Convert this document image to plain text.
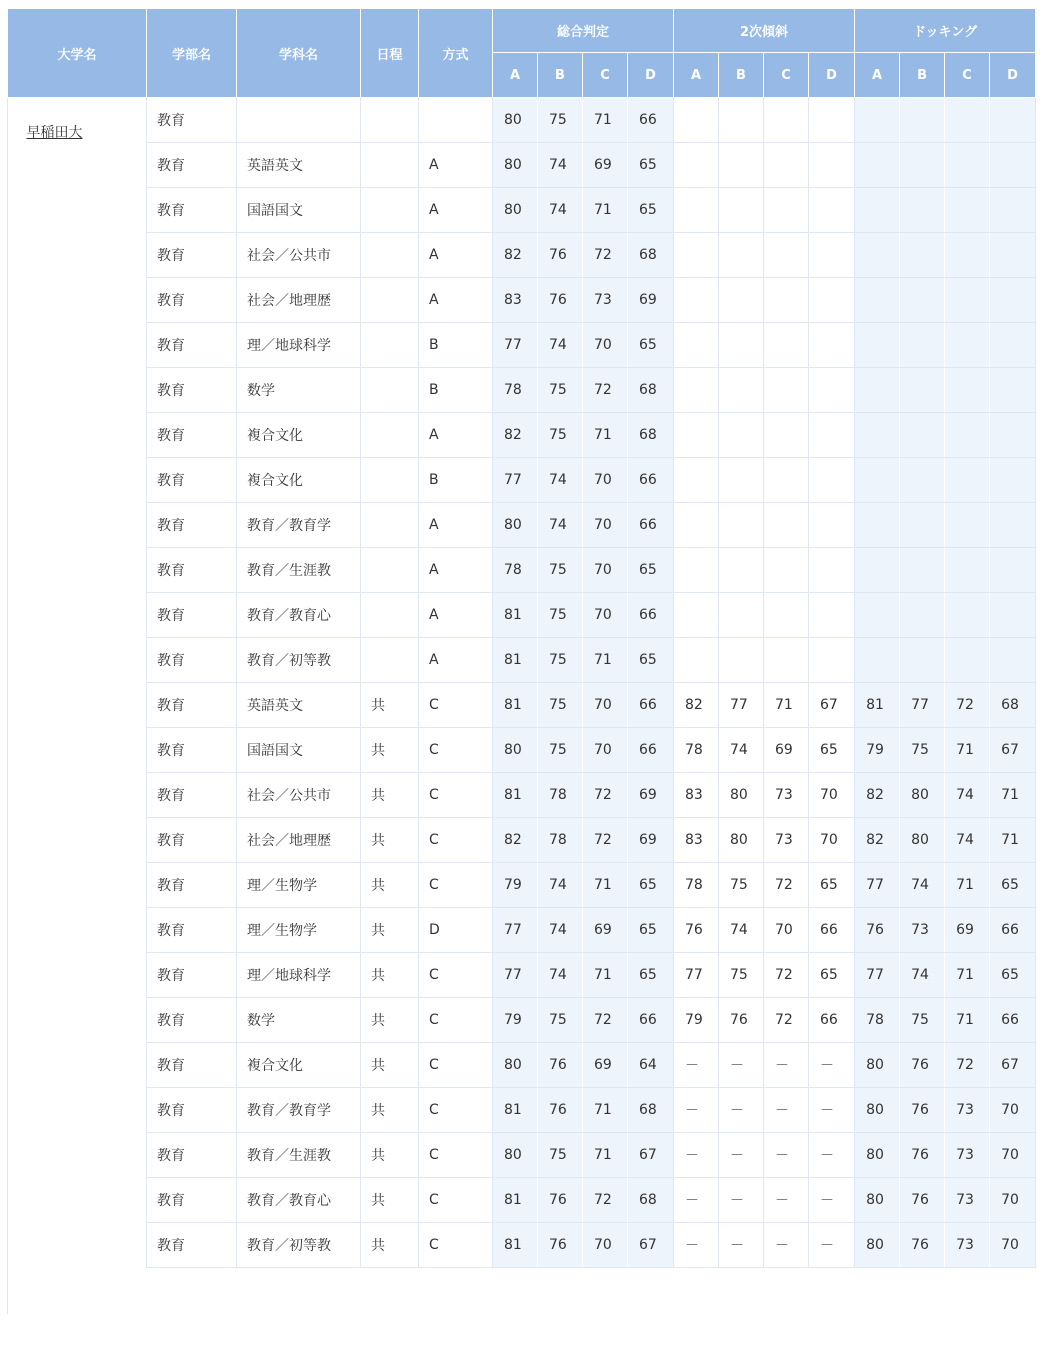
大学名	学部名	学科名	日程	方式	総合判定				2次傾斜				ドッキング			
					A	B	C	D	A	B	C	D	A	B	C	D
早稲田大	教育				80	75	71	66								
	教育	英語英文		A	80	74	69	65								
	教育	国語国文		A	80	74	71	65								
	教育	社会／公共市		A	82	76	72	68								
	教育	社会／地理歴		A	83	76	73	69								
	教育	理／地球科学		B	77	74	70	65								
	教育	数学		B	78	75	72	68								
	教育	複合文化		A	82	75	71	68								
	教育	複合文化		B	77	74	70	66								
	教育	教育／教育学		A	80	74	70	66								
	教育	教育／生涯教		A	78	75	70	65								
	教育	教育／教育心		A	81	75	70	66								
	教育	教育／初等教		A	81	75	71	65								
	教育	英語英文	共	C	81	75	70	66	82	77	71	67	81	77	72	68
	教育	国語国文	共	C	80	75	70	66	78	74	69	65	79	75	71	67
	教育	社会／公共市	共	C	81	78	72	69	83	80	73	70	82	80	74	71
	教育	社会／地理歴	共	C	82	78	72	69	83	80	73	70	82	80	74	71
	教育	理／生物学	共	C	79	74	71	65	78	75	72	65	77	74	71	65
	教育	理／生物学	共	D	77	74	69	65	76	74	70	66	76	73	69	66
	教育	理／地球科学	共	C	77	74	71	65	77	75	72	65	77	74	71	65
	教育	数学	共	C	79	75	72	66	79	76	72	66	78	75	71	66
	教育	複合文化	共	C	80	76	69	64	－	－	－	－	80	76	72	67
	教育	教育／教育学	共	C	81	76	71	68	－	－	－	－	80	76	73	70
	教育	教育／生涯教	共	C	80	75	71	67	－	－	－	－	80	76	73	70
	教育	教育／教育心	共	C	81	76	72	68	－	－	－	－	80	76	73	70
	教育	教育／初等教	共	C	81	76	70	67	－	－	－	－	80	76	73	70
